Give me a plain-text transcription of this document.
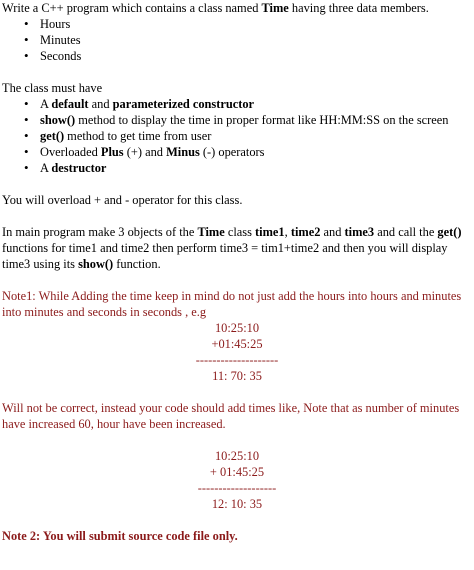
Write a C++ program which contains a class named Time having three data members.

• Hours
• Minutes
• Seconds

The class must have

• A default and parameterized constructor
• show() method to display the time in proper format like HH:MM:SS on the screen
• get() method to get time from user
• Overloaded Plus (+) and Minus (-) operators
• A destructor

You will overload + and - operator for this class.

In main program make 3 objects of the Time class time1, time2 and time3 and call the get() functions for time1 and time2 then perform time3 = tim1+time2 and then you will display time3 using its show() function.

Note1: While Adding the time keep in mind do not just add the hours into hours and minutes into minutes and seconds in seconds , e.g

10:25:10
+01:45:25
--------------------
11: 70: 35

Will not be correct, instead your code should add times like, Note that as number of minutes have increased 60, hour have been increased.

10:25:10
+ 01:45:25
-------------------
12: 10: 35

Note 2: You will submit source code file only.
